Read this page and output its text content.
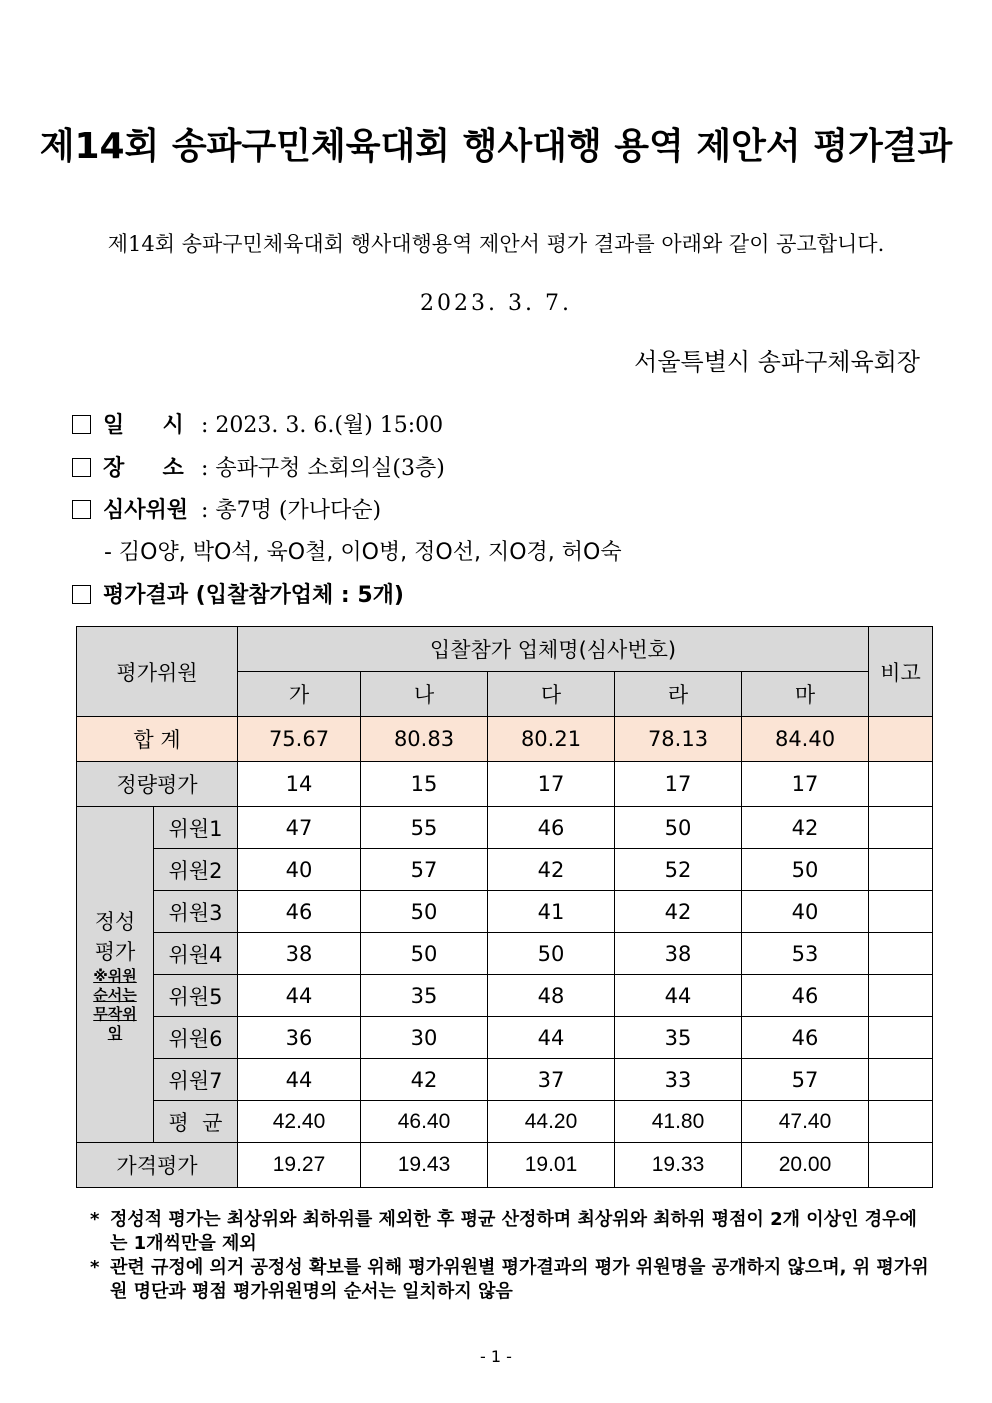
제14회 송파구민체육대회 행사대행 용역 제안서 평가결과
제14회 송파구민체육대회 행사대행용역 제안서 평가 결과를 아래와 같이 공고합니다.
2023. 3. 7.
서울특별시 송파구체육회장
일     시 : 2023. 3. 6.(월) 15:00
장     소 : 송파구청 소회의실(3층)
심사위원 : 총7명 (가나다순)
- 김O양, 박O석, 육O철, 이O병, 정O선, 지O경, 허O숙
평가결과 (입찰참가업체 : 5개)
평가위원		입찰참가 업체명(심사번호)					비고
		가	나	다	라	마	
합 계		75.67	80.83	80.21	78.13	84.40	
정량평가		14	15	17	17	17	

정성
평가
※위원 순서는 무작위 임	위원1	47	55	46	50	42	
	위원2	40	57	42	52	50	
	위원3	46	50	41	42	40	
	위원4	38	50	50	38	53	
	위원5	44	35	48	44	46	
	위원6	36	30	44	35	46	
	위원7	44	42	37	33	57	
	평  균	42.40	46.40	44.20	41.80	47.40	
가격평가		19.27	19.43	19.01	19.33	20.00	
* 정성적 평가는 최상위와 최하위를 제외한 후 평균 산정하며 최상위와 최하위 평점이 2개 이상인 경우에는 1개씩만을 제외
* 관련 규정에 의거 공정성 확보를 위해 평가위원별 평가결과의 평가 위원명을 공개하지 않으며, 위 평가위원 명단과 평점 평가위원명의 순서는 일치하지 않음
- 1 -
